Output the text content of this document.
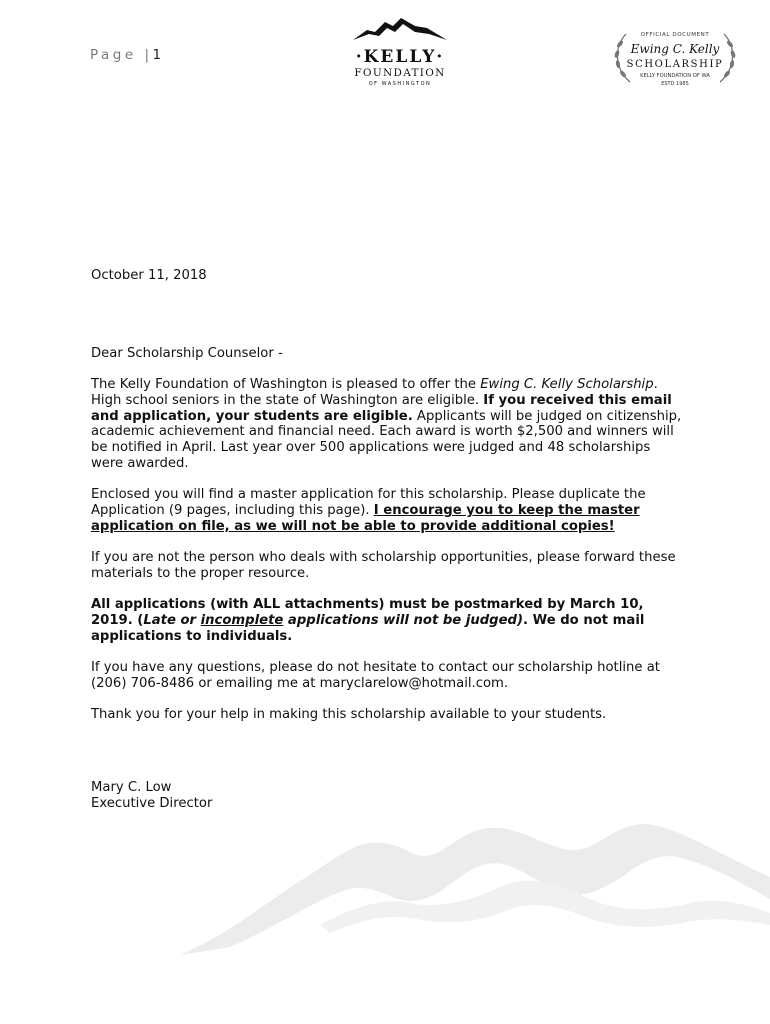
Page |1	·KELLY·
FOUNDATION
OF WASHINGTON
OFFICIAL DOCUMENT
Ewing C. Kelly
SCHOLARSHIP
KELLY FOUNDATION OF WA
ESTD 1985
October 11, 2018
Dear Scholarship Counselor -

The Kelly Foundation of Washington is pleased to offer the Ewing C. Kelly Scholarship. High school seniors in the state of Washington are eligible. If you received this email and application, your students are eligible. Applicants will be judged on citizenship, academic achievement and financial need. Each award is worth $2,500 and winners will be notified in April. Last year over 500 applications were judged and 48 scholarships were awarded.

Enclosed you will find a master application for this scholarship. Please duplicate the Application (9 pages, including this page). I encourage you to keep the master application on file, as we will not be able to provide additional copies!

If you are not the person who deals with scholarship opportunities, please forward these materials to the proper resource.

All applications (with ALL attachments) must be postmarked by March 10, 2019. (Late or incomplete applications will not be judged). We do not mail applications to individuals.

If you have any questions, please do not hesitate to contact our scholarship hotline at (206) 706-8486 or emailing me at maryclarelow@hotmail.com.

Thank you for your help in making this scholarship available to your students.

Mary C. Low

Executive Director
